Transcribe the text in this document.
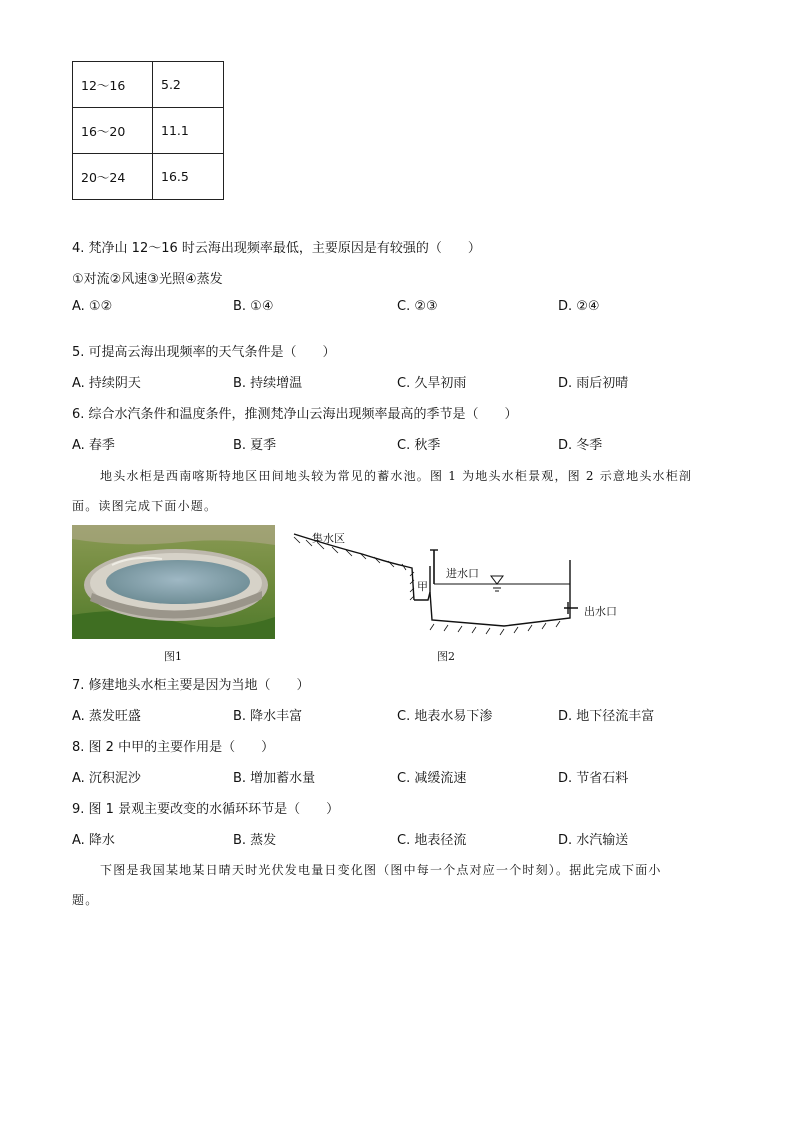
12～16	5.2
16～20	11.1
20～24	16.5
4. 梵净山 12～16 时云海出现频率最低，主要原因是有较强的（　　）
①对流②风速③光照④蒸发
A. ①②	B. ①④	C. ②③	D. ②④
5. 可提高云海出现频率的天气条件是（　　）
A. 持续阴天	B. 持续增温	C. 久旱初雨	D. 雨后初晴
6. 综合水汽条件和温度条件，推测梵净山云海出现频率最高的季节是（　　）
A. 春季	B. 夏季	C. 秋季	D. 冬季
地头水柜是西南喀斯特地区田间地头较为常见的蓄水池。图 1 为地头水柜景观，图 2 示意地头水柜剖
面。读图完成下面小题。
图1
集水区
进水口
甲
出水口
图2
7. 修建地头水柜主要是因为当地（　　）
A. 蒸发旺盛	B. 降水丰富	C. 地表水易下渗	D. 地下径流丰富
8. 图 2 中甲的主要作用是（　　）
A. 沉积泥沙	B. 增加蓄水量	C. 减缓流速	D. 节省石料
9. 图 1 景观主要改变的水循环环节是（　　）
A. 降水	B. 蒸发	C. 地表径流	D. 水汽输送
下图是我国某地某日晴天时光伏发电量日变化图（图中每一个点对应一个时刻）。据此完成下面小
题。
